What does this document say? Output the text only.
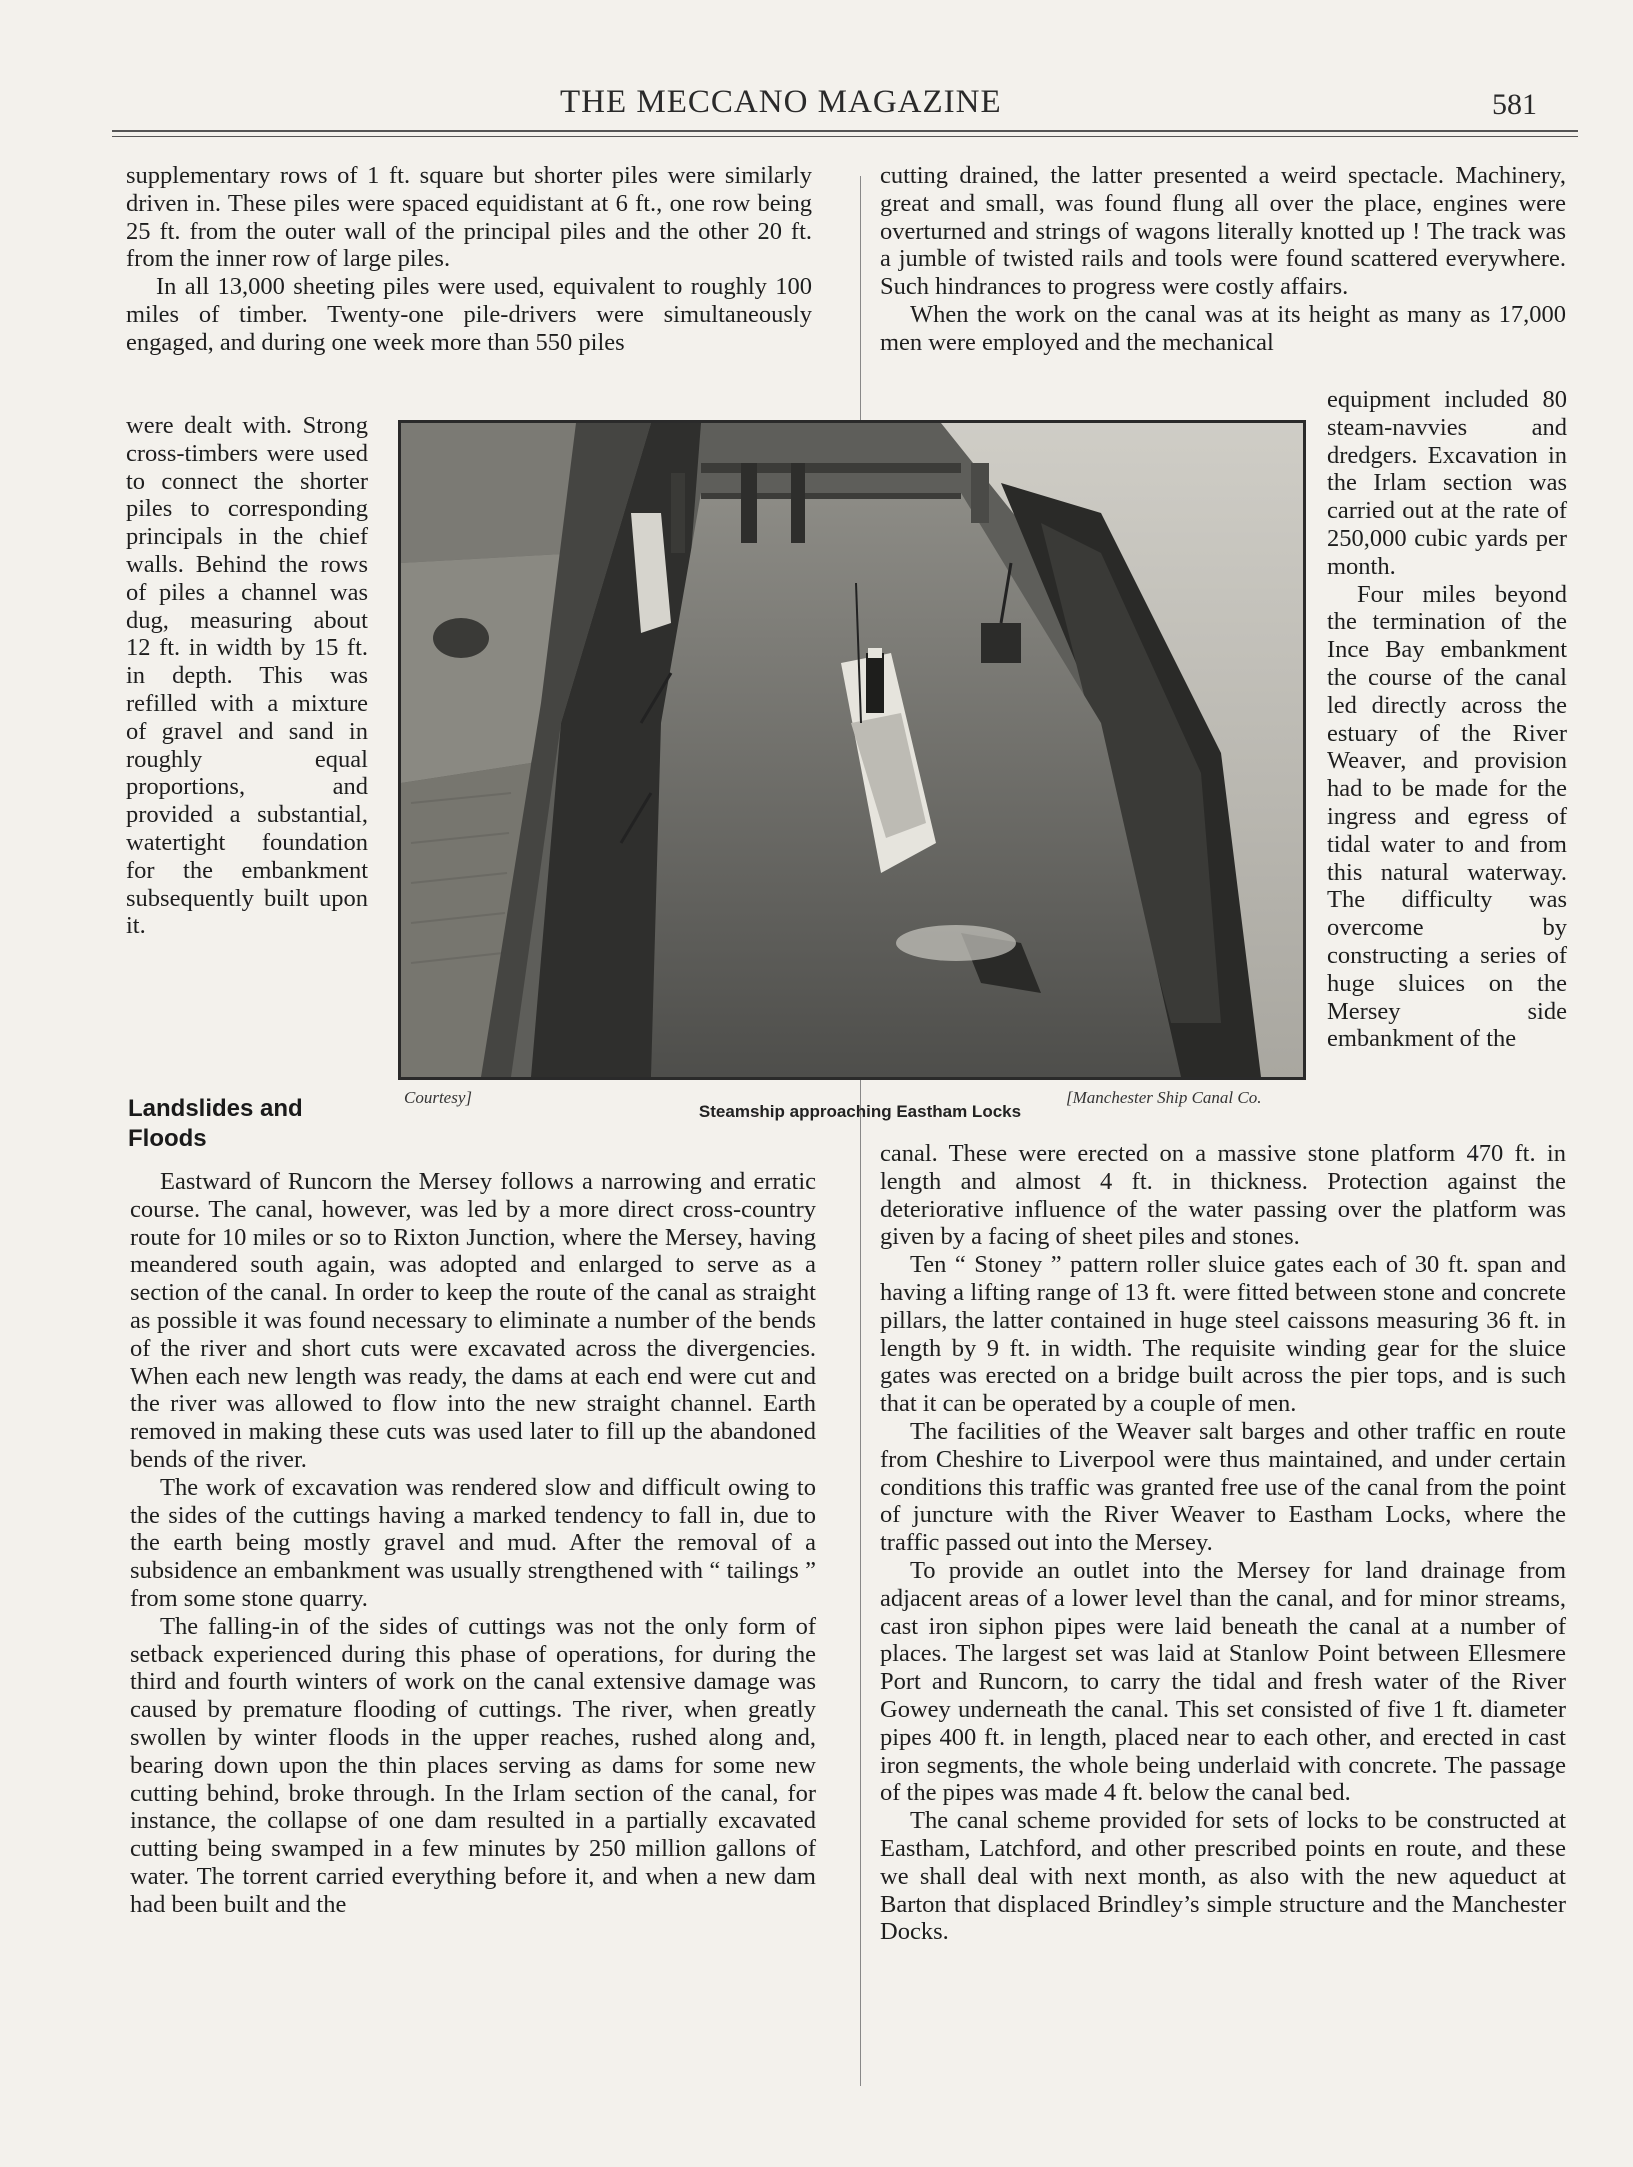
THE MECCANO MAGAZINE	581

supplementary rows of 1 ft. square but shorter piles were similarly driven in. These piles were spaced equidistant at 6 ft., one row being 25 ft. from the outer wall of the principal piles and the other 20 ft. from the inner row of large piles.

In all 13,000 sheeting piles were used, equivalent to roughly 100 miles of timber. Twenty-one pile-drivers were simultaneously engaged, and during one week more than 550 piles

were dealt with. Strong cross-timbers were used to connect the shorter piles to corresponding principals in the chief walls. Behind the rows of piles a channel was dug, measuring about 12 ft. in width by 15 ft. in depth. This was refilled with a mixture of gravel and sand in roughly equal proportions, and provided a substantial, watertight foundation for the embankment subsequently built upon it.

Landslides and Floods
Courtesy]	[Manchester Ship Canal Co.
Steamship approaching Eastham Locks

Eastward of Runcorn the Mersey follows a narrowing and erratic course. The canal, however, was led by a more direct cross-country route for 10 miles or so to Rixton Junction, where the Mersey, having meandered south again, was adopted and enlarged to serve as a section of the canal. In order to keep the route of the canal as straight as possible it was found necessary to eliminate a number of the bends of the river and short cuts were excavated across the divergencies. When each new length was ready, the dams at each end were cut and the river was allowed to flow into the new straight channel. Earth removed in making these cuts was used later to fill up the abandoned bends of the river.

The work of excavation was rendered slow and difficult owing to the sides of the cuttings having a marked tendency to fall in, due to the earth being mostly gravel and mud. After the removal of a subsidence an embankment was usually strengthened with “ tailings ” from some stone quarry.

The falling-in of the sides of cuttings was not the only form of setback experienced during this phase of operations, for during the third and fourth winters of work on the canal extensive damage was caused by premature flooding of cuttings. The river, when greatly swollen by winter floods in the upper reaches, rushed along and, bearing down upon the thin places serving as dams for some new cutting behind, broke through. In the Irlam section of the canal, for instance, the collapse of one dam resulted in a partially excavated cutting being swamped in a few minutes by 250 million gallons of water. The torrent carried everything before it, and when a new dam had been built and the

cutting drained, the latter presented a weird spectacle. Machinery, great and small, was found flung all over the place, engines were overturned and strings of wagons literally knotted up ! The track was a jumble of twisted rails and tools were found scattered everywhere. Such hindrances to progress were costly affairs.

When the work on the canal was at its height as many as 17,000 men were employed and the mechanical

equipment included 80 steam-navvies and dredgers. Excavation in the Irlam section was carried out at the rate of 250,000 cubic yards per month.

Four miles beyond the termination of the Ince Bay embankment the course of the canal led directly across the estuary of the River Weaver, and provision had to be made for the ingress and egress of tidal water to and from this natural waterway. The difficulty was overcome by constructing a series of huge sluices on the Mersey side embankment of the

canal. These were erected on a massive stone platform 470 ft. in length and almost 4 ft. in thickness. Protection against the deteriorative influence of the water passing over the platform was given by a facing of sheet piles and stones.

Ten “ Stoney ” pattern roller sluice gates each of 30 ft. span and having a lifting range of 13 ft. were fitted between stone and concrete pillars, the latter contained in huge steel caissons measuring 36 ft. in length by 9 ft. in width. The requisite winding gear for the sluice gates was erected on a bridge built across the pier tops, and is such that it can be operated by a couple of men.

The facilities of the Weaver salt barges and other traffic en route from Cheshire to Liverpool were thus maintained, and under certain conditions this traffic was granted free use of the canal from the point of juncture with the River Weaver to Eastham Locks, where the traffic passed out into the Mersey.

To provide an outlet into the Mersey for land drainage from adjacent areas of a lower level than the canal, and for minor streams, cast iron siphon pipes were laid beneath the canal at a number of places. The largest set was laid at Stanlow Point between Ellesmere Port and Runcorn, to carry the tidal and fresh water of the River Gowey underneath the canal. This set consisted of five 1 ft. diameter pipes 400 ft. in length, placed near to each other, and erected in cast iron segments, the whole being underlaid with concrete. The passage of the pipes was made 4 ft. below the canal bed.

The canal scheme provided for sets of locks to be constructed at Eastham, Latchford, and other prescribed points en route, and these we shall deal with next month, as also with the new aqueduct at Barton that displaced Brindley’s simple structure and the Manchester Docks.
